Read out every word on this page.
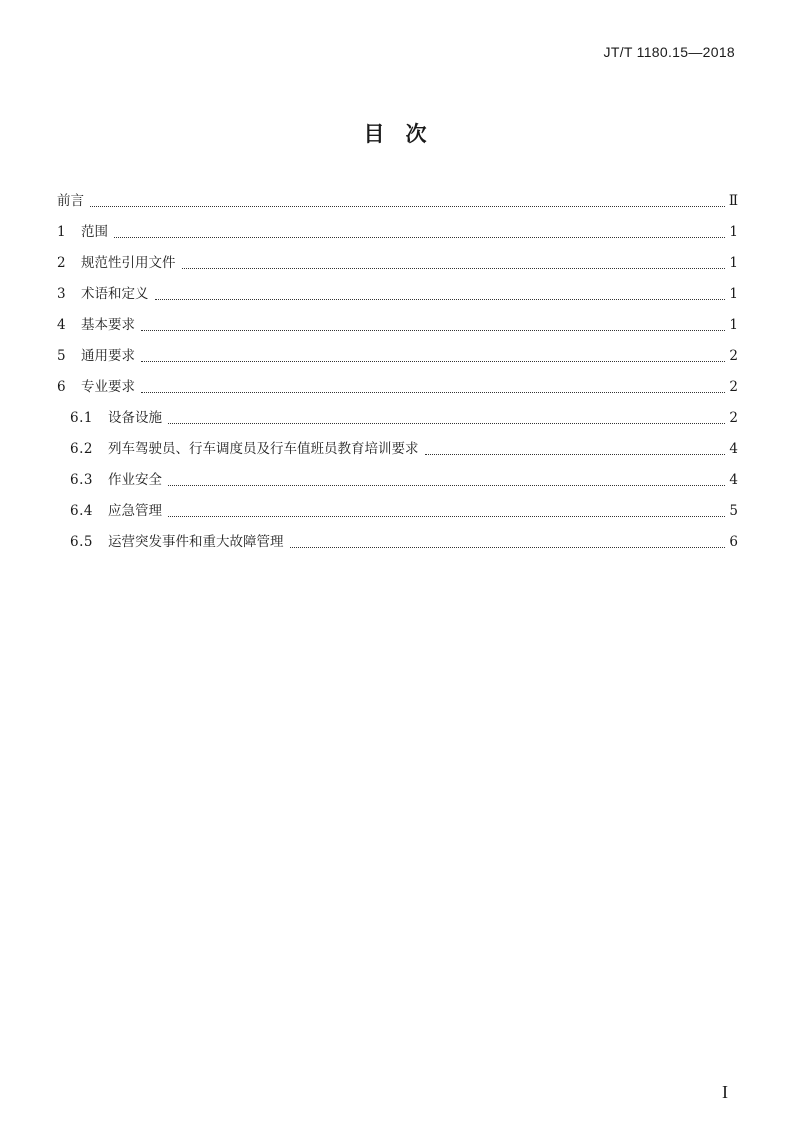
JT/T 1180.15—2018
目　次
前言	Ⅱ
1	范围	1
2	规范性引用文件	1
3	术语和定义	1
4	基本要求	1
5	通用要求	2
6	专业要求	2
6.1	设备设施	2
6.2	列车驾驶员、行车调度员及行车值班员教育培训要求	4
6.3	作业安全	4
6.4	应急管理	5
6.5	运营突发事件和重大故障管理	6
I
